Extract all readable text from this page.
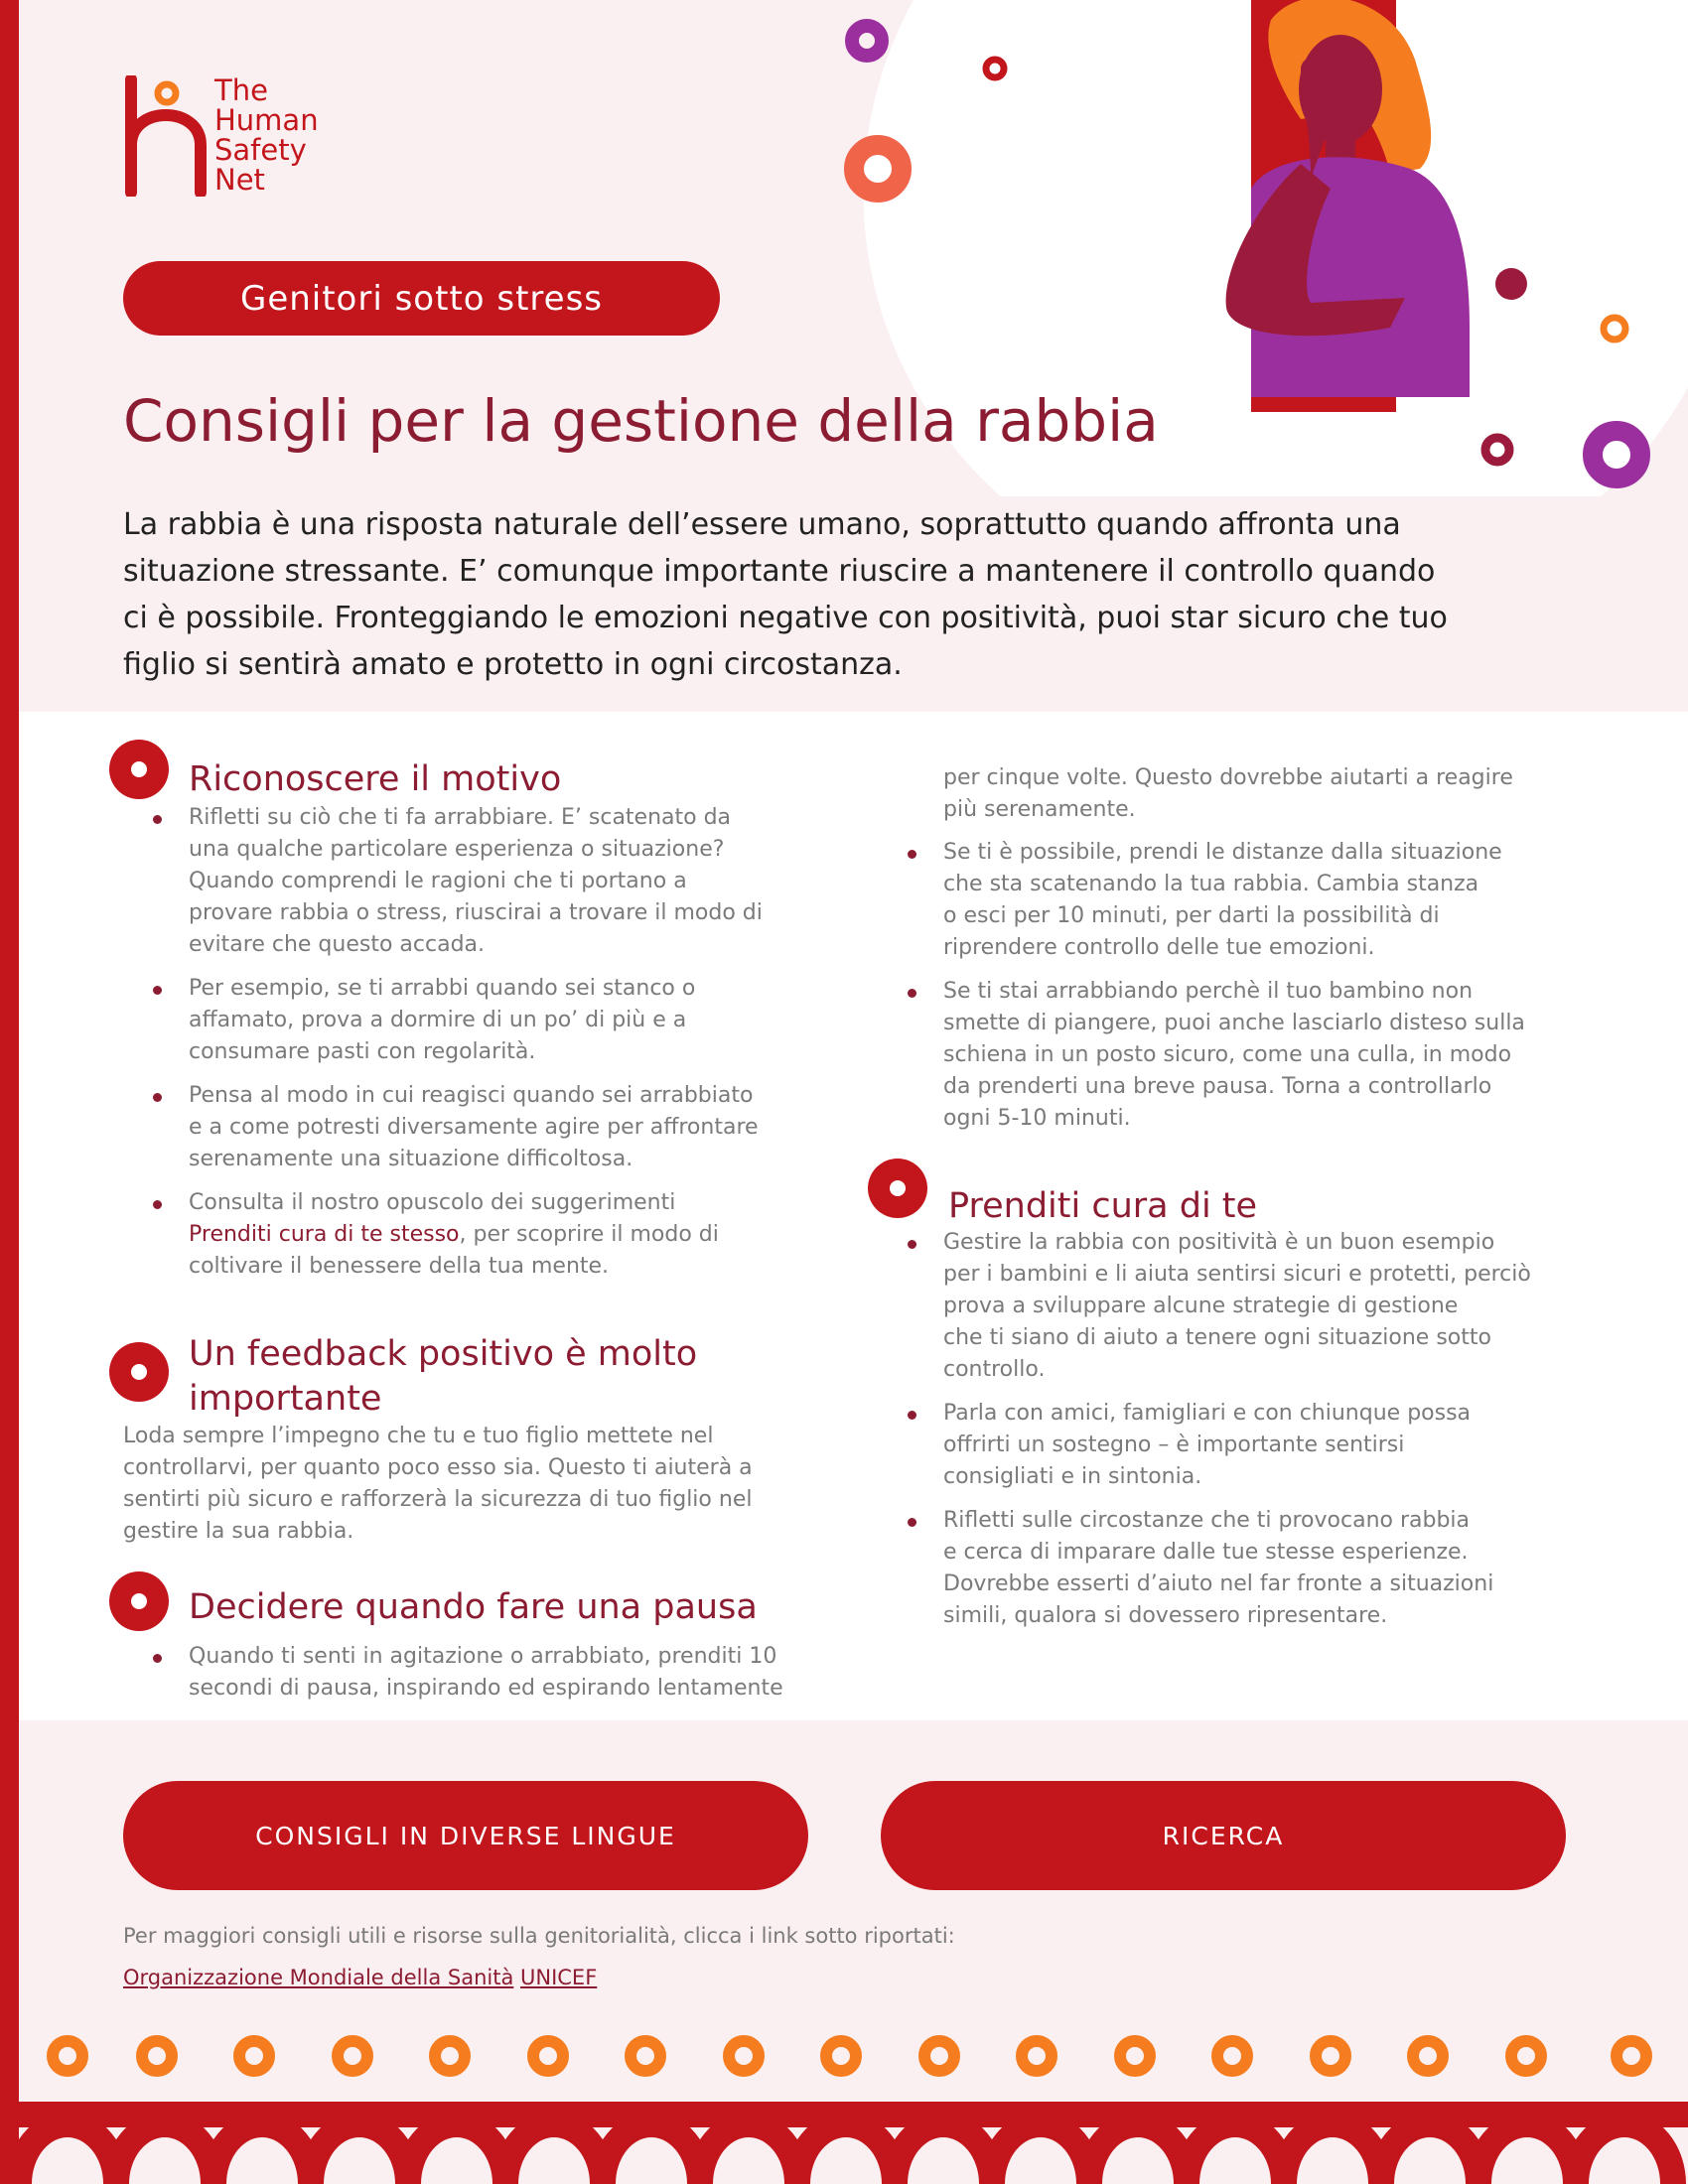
The
Human
Safety
Net
Genitori sotto stress
Consigli per la gestione della rabbia
La rabbia è una risposta naturale dell’essere umano, soprattutto quando affronta una
situazione stressante. E’ comunque importante riuscire a mantenere il controllo quando
ci è possibile. Fronteggiando le emozioni negative con positività, puoi star sicuro che tuo
figlio si sentirà amato e protetto in ogni circostanza.
Riconoscere il motivo
Rifletti su ciò che ti fa arrabbiare. E’ scatenato da
una qualche particolare esperienza o situazione?
Quando comprendi le ragioni che ti portano a
provare rabbia o stress, riuscirai a trovare il modo di
evitare che questo accada.
Per esempio, se ti arrabbi quando sei stanco o
affamato, prova a dormire di un po’ di più e a
consumare pasti con regolarità.
Pensa al modo in cui reagisci quando sei arrabbiato
e a come potresti diversamente agire per affrontare
serenamente una situazione difficoltosa.
Consulta il nostro opuscolo dei suggerimenti
Prenditi cura di te stesso, per scoprire il modo di
coltivare il benessere della tua mente.
Un feedback positivo è molto
importante
Loda sempre l’impegno che tu e tuo figlio mettete nel
controllarvi, per quanto poco esso sia. Questo ti aiuterà a
sentirti più sicuro e rafforzerà la sicurezza di tuo figlio nel
gestire la sua rabbia.
Decidere quando fare una pausa
Quando ti senti in agitazione o arrabbiato, prenditi 10
secondi di pausa, inspirando ed espirando lentamente
per cinque volte. Questo dovrebbe aiutarti a reagire
più serenamente.
Se ti è possibile, prendi le distanze dalla situazione
che sta scatenando la tua rabbia. Cambia stanza
o esci per 10 minuti, per darti la possibilità di
riprendere controllo delle tue emozioni.
Se ti stai arrabbiando perchè il tuo bambino non
smette di piangere, puoi anche lasciarlo disteso sulla
schiena in un posto sicuro, come una culla, in modo
da prenderti una breve pausa. Torna a controllarlo
ogni 5-10 minuti.
Prenditi cura di te
Gestire la rabbia con positività è un buon esempio
per i bambini e li aiuta sentirsi sicuri e protetti, perciò
prova a sviluppare alcune strategie di gestione
che ti siano di aiuto a tenere ogni situazione sotto
controllo.
Parla con amici, famigliari e con chiunque possa
offrirti un sostegno – è importante sentirsi
consigliati e in sintonia.
Rifletti sulle circostanze che ti provocano rabbia
e cerca di imparare dalle tue stesse esperienze.
Dovrebbe esserti d’aiuto nel far fronte a situazioni
simili, qualora si dovessero ripresentare.
CONSIGLI IN DIVERSE LINGUE	RICERCA
Per maggiori consigli utili e risorse sulla genitorialità, clicca i link sotto riportati:
Organizzazione Mondiale della Sanità UNICEF
